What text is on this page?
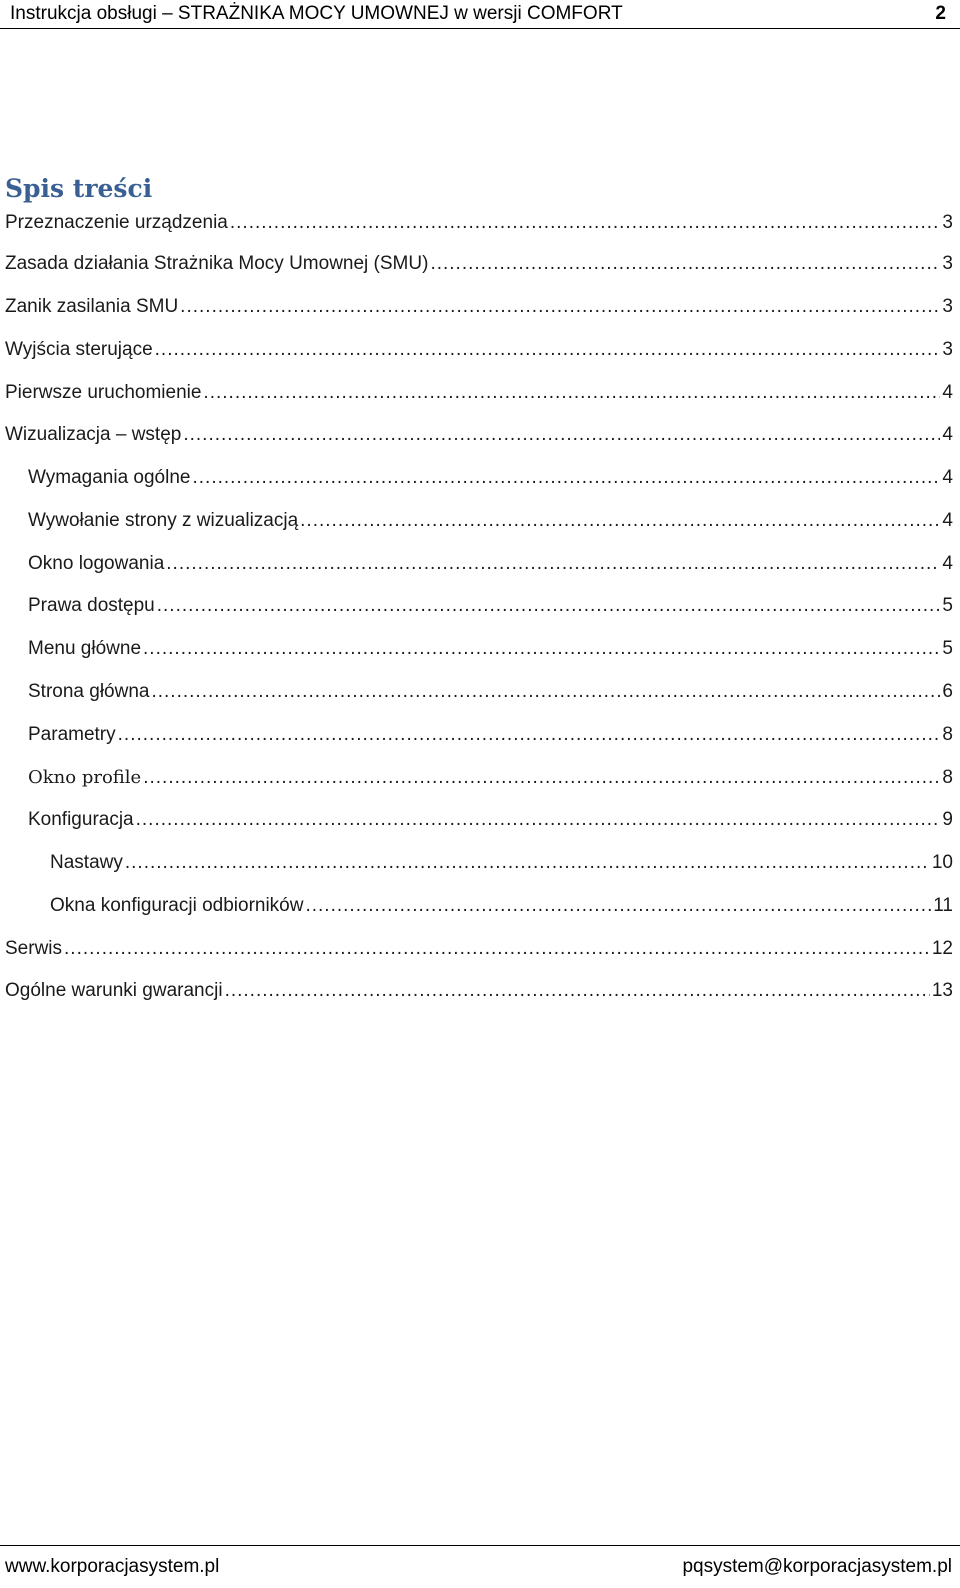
Instrukcja obsługi – STRAŻNIKA MOCY UMOWNEJ w wersji COMFORT	2
Spis treści
Przeznaczenie urządzenia .....	3
Zasada działania Strażnika Mocy Umownej (SMU) .....	3
Zanik zasilania SMU .....	3
Wyjścia sterujące .....	3
Pierwsze uruchomienie .....	4
Wizualizacja – wstęp .....	4
Wymagania ogólne .....	4
Wywołanie strony z wizualizacją .....	4
Okno logowania .....	4
Prawa dostępu .....	5
Menu główne .....	5
Strona główna .....	6
Parametry .....	8
Okno profile .....	8
Konfiguracja .....	9
Nastawy .....	10
Okna konfiguracji odbiorników .....	11
Serwis .....	12
Ogólne warunki gwarancji .....	13
www.korporacjasystem.pl	pqsystem@korporacjasystem.pl
